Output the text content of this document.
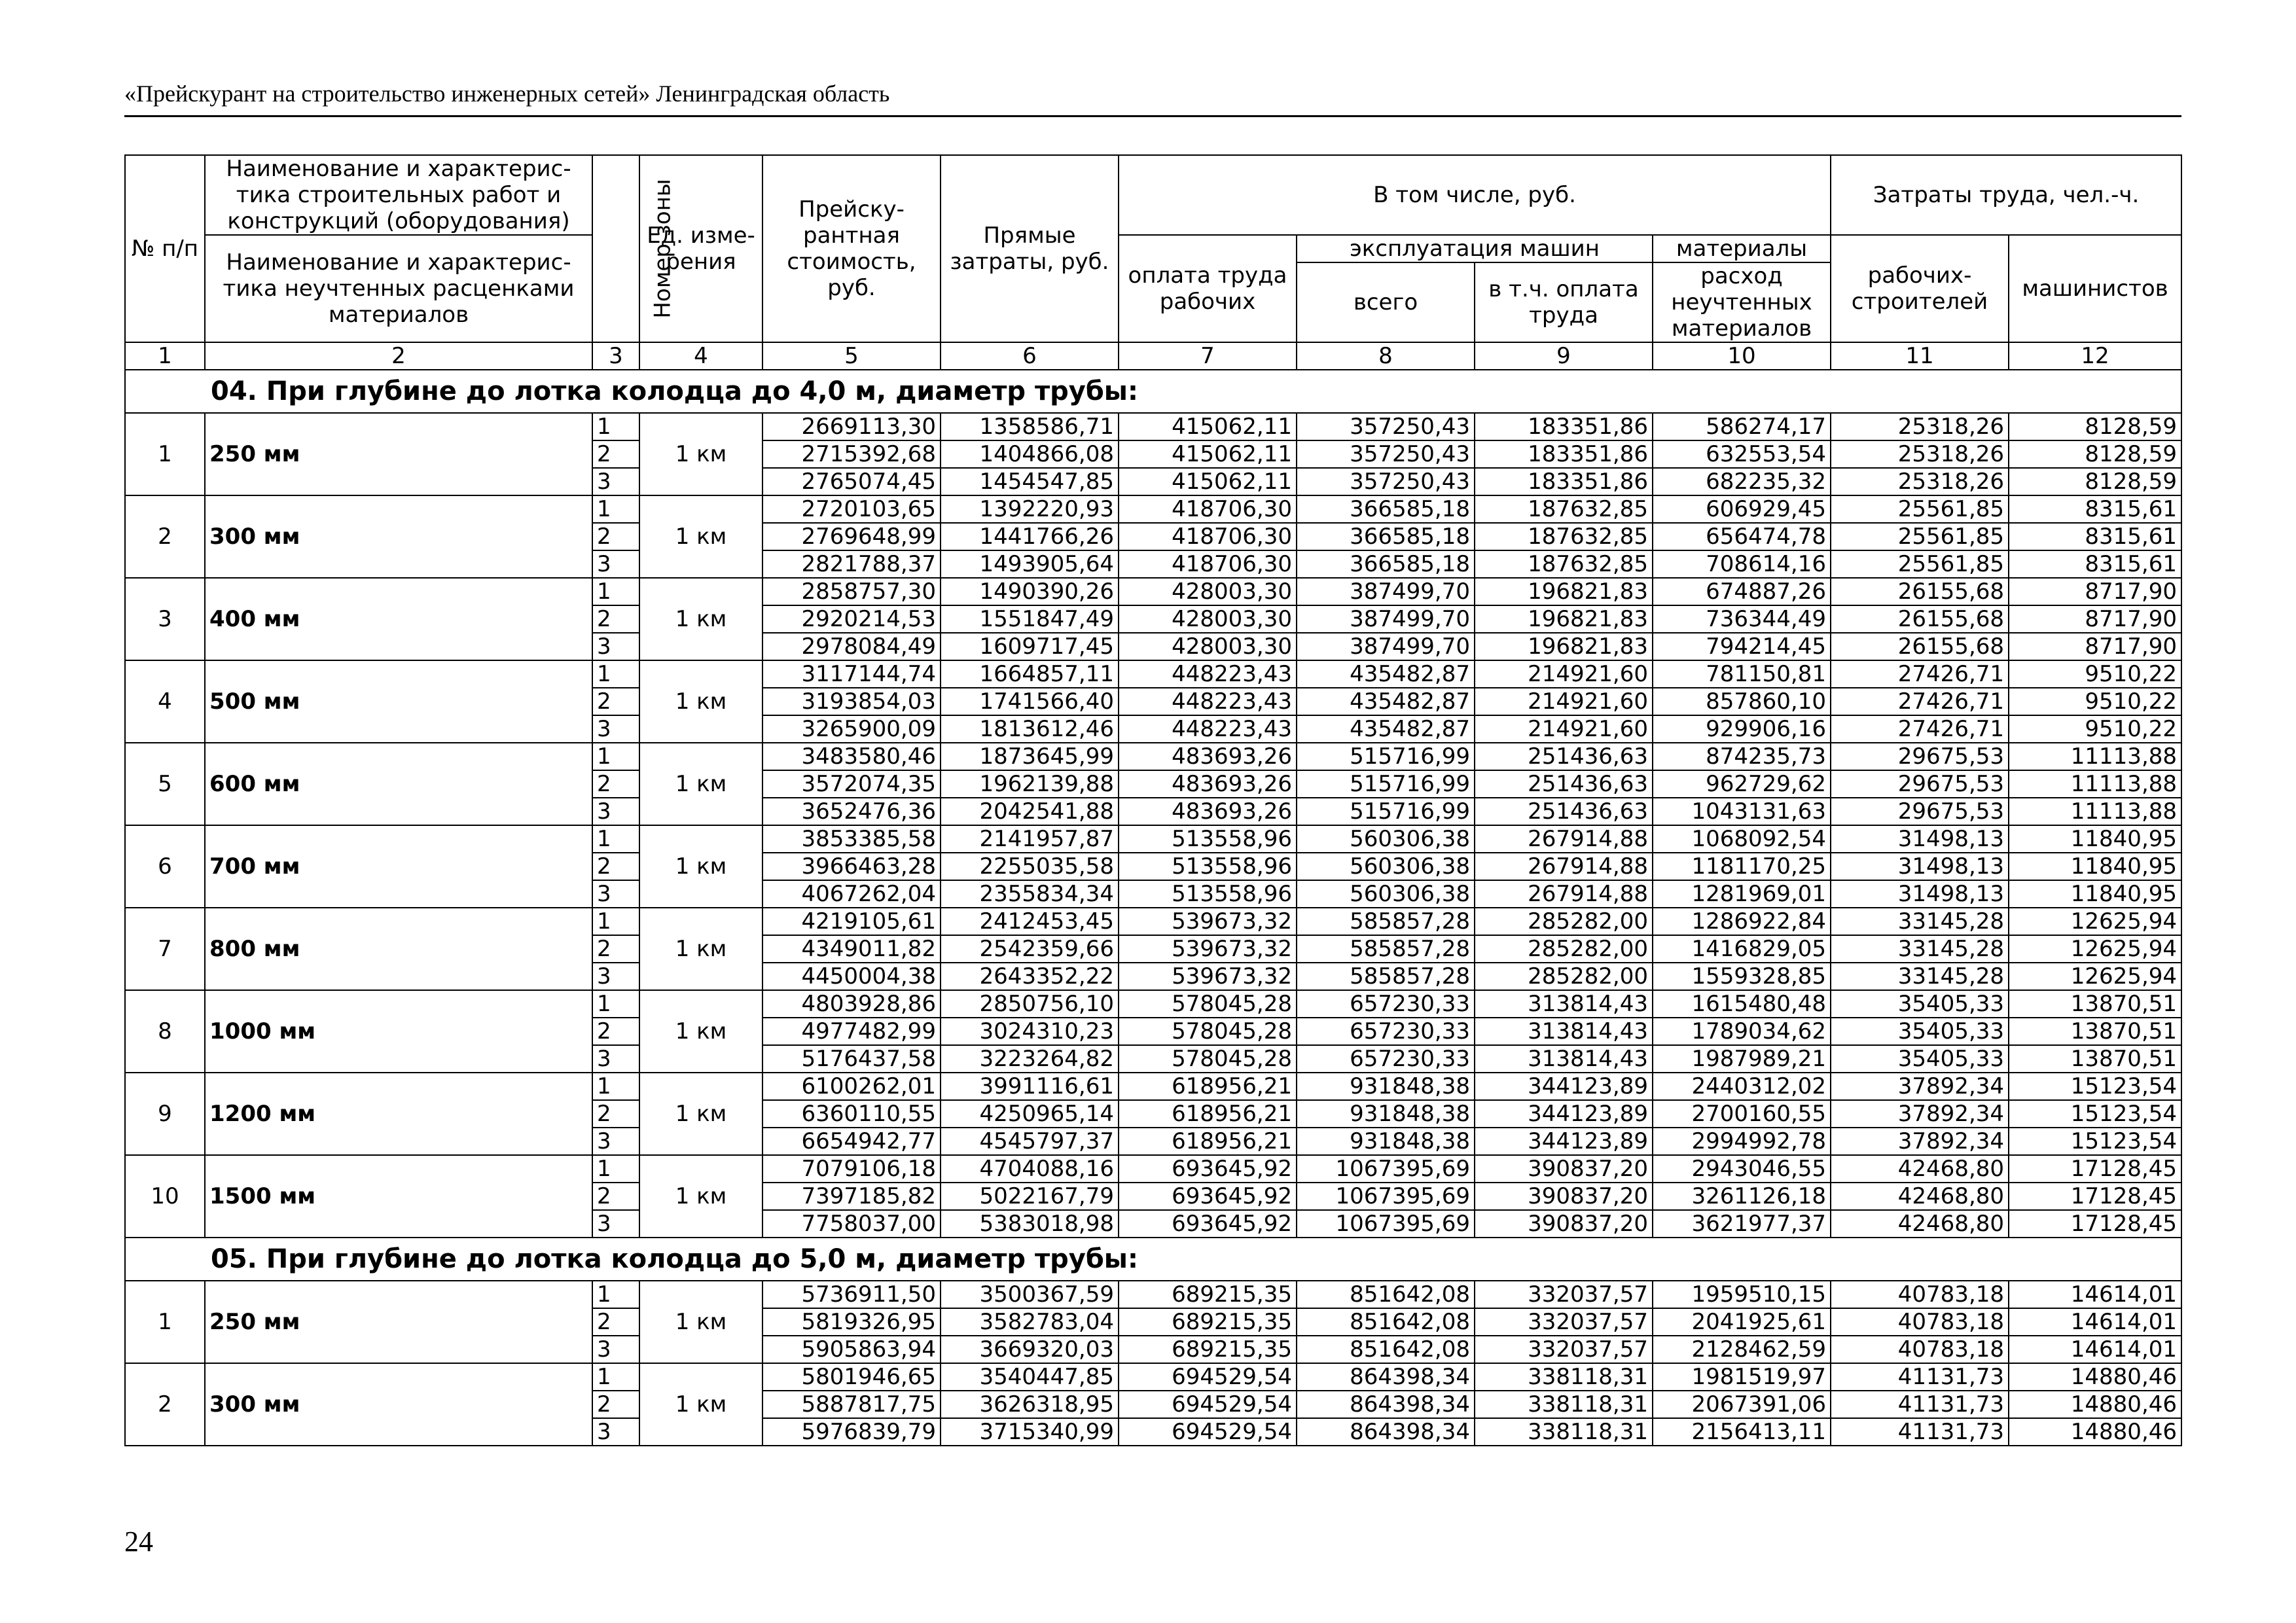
«Прейскурант на строительство инженерных сетей» Ленинградская область
№ п/п	Наименование и характерис-тика строительных работ и конструкций (оборудования)	Номер зоны	Ед. изме-рения	Прейску-рантная стоимость, руб.	Прямые затраты, руб.	В том числе, руб.				Затраты труда, чел.-ч.	
	Наименование и характерис-тика неучтенных расценками материалов					оплата труда рабочих	эксплуатация машин		материалы	рабочих-строителей	машинистов
							всего	в т.ч. оплата труда	расход неучтенных материалов		
1	2	3	4	5	6	7	8	9	10	11	12
04. При глубине до лотка колодца до 4,0 м, диаметр трубы:											
1	250 мм	1	1 км	2669113,30	1358586,71	415062,11	357250,43	183351,86	586274,17	25318,26	8128,59
		2		2715392,68	1404866,08	415062,11	357250,43	183351,86	632553,54	25318,26	8128,59
		3		2765074,45	1454547,85	415062,11	357250,43	183351,86	682235,32	25318,26	8128,59
2	300 мм	1	1 км	2720103,65	1392220,93	418706,30	366585,18	187632,85	606929,45	25561,85	8315,61
		2		2769648,99	1441766,26	418706,30	366585,18	187632,85	656474,78	25561,85	8315,61
		3		2821788,37	1493905,64	418706,30	366585,18	187632,85	708614,16	25561,85	8315,61
3	400 мм	1	1 км	2858757,30	1490390,26	428003,30	387499,70	196821,83	674887,26	26155,68	8717,90
		2		2920214,53	1551847,49	428003,30	387499,70	196821,83	736344,49	26155,68	8717,90
		3		2978084,49	1609717,45	428003,30	387499,70	196821,83	794214,45	26155,68	8717,90
4	500 мм	1	1 км	3117144,74	1664857,11	448223,43	435482,87	214921,60	781150,81	27426,71	9510,22
		2		3193854,03	1741566,40	448223,43	435482,87	214921,60	857860,10	27426,71	9510,22
		3		3265900,09	1813612,46	448223,43	435482,87	214921,60	929906,16	27426,71	9510,22
5	600 мм	1	1 км	3483580,46	1873645,99	483693,26	515716,99	251436,63	874235,73	29675,53	11113,88
		2		3572074,35	1962139,88	483693,26	515716,99	251436,63	962729,62	29675,53	11113,88
		3		3652476,36	2042541,88	483693,26	515716,99	251436,63	1043131,63	29675,53	11113,88
6	700 мм	1	1 км	3853385,58	2141957,87	513558,96	560306,38	267914,88	1068092,54	31498,13	11840,95
		2		3966463,28	2255035,58	513558,96	560306,38	267914,88	1181170,25	31498,13	11840,95
		3		4067262,04	2355834,34	513558,96	560306,38	267914,88	1281969,01	31498,13	11840,95
7	800 мм	1	1 км	4219105,61	2412453,45	539673,32	585857,28	285282,00	1286922,84	33145,28	12625,94
		2		4349011,82	2542359,66	539673,32	585857,28	285282,00	1416829,05	33145,28	12625,94
		3		4450004,38	2643352,22	539673,32	585857,28	285282,00	1559328,85	33145,28	12625,94
8	1000 мм	1	1 км	4803928,86	2850756,10	578045,28	657230,33	313814,43	1615480,48	35405,33	13870,51
		2		4977482,99	3024310,23	578045,28	657230,33	313814,43	1789034,62	35405,33	13870,51
		3		5176437,58	3223264,82	578045,28	657230,33	313814,43	1987989,21	35405,33	13870,51
9	1200 мм	1	1 км	6100262,01	3991116,61	618956,21	931848,38	344123,89	2440312,02	37892,34	15123,54
		2		6360110,55	4250965,14	618956,21	931848,38	344123,89	2700160,55	37892,34	15123,54
		3		6654942,77	4545797,37	618956,21	931848,38	344123,89	2994992,78	37892,34	15123,54
10	1500 мм	1	1 км	7079106,18	4704088,16	693645,92	1067395,69	390837,20	2943046,55	42468,80	17128,45
		2		7397185,82	5022167,79	693645,92	1067395,69	390837,20	3261126,18	42468,80	17128,45
		3		7758037,00	5383018,98	693645,92	1067395,69	390837,20	3621977,37	42468,80	17128,45
05. При глубине до лотка колодца до 5,0 м, диаметр трубы:											
1	250 мм	1	1 км	5736911,50	3500367,59	689215,35	851642,08	332037,57	1959510,15	40783,18	14614,01
		2		5819326,95	3582783,04	689215,35	851642,08	332037,57	2041925,61	40783,18	14614,01
		3		5905863,94	3669320,03	689215,35	851642,08	332037,57	2128462,59	40783,18	14614,01
2	300 мм	1	1 км	5801946,65	3540447,85	694529,54	864398,34	338118,31	1981519,97	41131,73	14880,46
		2		5887817,75	3626318,95	694529,54	864398,34	338118,31	2067391,06	41131,73	14880,46
		3		5976839,79	3715340,99	694529,54	864398,34	338118,31	2156413,11	41131,73	14880,46
24
